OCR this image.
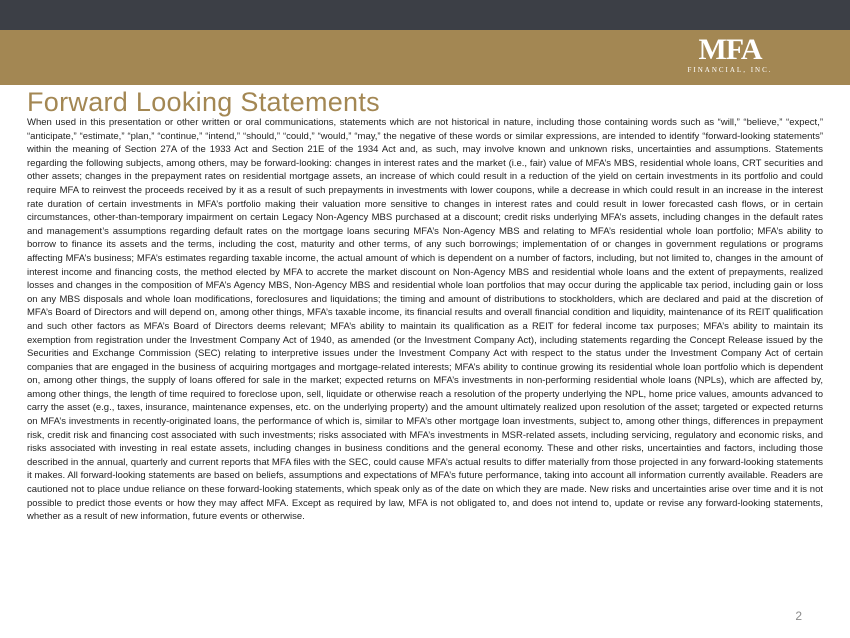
MFA
FINANCIAL, INC.
Forward Looking Statements

When used in this presentation or other written or oral communications, statements which are not historical in nature, including those containing words such as “will,” “believe,” “expect,” “anticipate,” “estimate,” “plan,” “continue,” “intend,” “should,” “could,” “would,” “may,” the negative of these words or similar expressions, are intended to identify “forward-looking statements” within the meaning of Section 27A of the 1933 Act and Section 21E of the 1934 Act and, as such, may involve known and unknown risks, uncertainties and assumptions. Statements regarding the following subjects, among others, may be forward-looking: changes in interest rates and the market (i.e., fair) value of MFA’s MBS, residential whole loans, CRT securities and other assets; changes in the prepayment rates on residential mortgage assets, an increase of which could result in a reduction of the yield on certain investments in its portfolio and could require MFA to reinvest the proceeds received by it as a result of such prepayments in investments with lower coupons, while a decrease in which could result in an increase in the interest rate duration of certain investments in MFA’s portfolio making their valuation more sensitive to changes in interest rates and could result in lower forecasted cash flows, or in certain circumstances, other-than-temporary impairment on certain Legacy Non-Agency MBS purchased at a discount; credit risks underlying MFA’s assets, including changes in the default rates and management’s assumptions regarding default rates on the mortgage loans securing MFA’s Non-Agency MBS and relating to MFA’s residential whole loan portfolio; MFA’s ability to borrow to finance its assets and the terms, including the cost, maturity and other terms, of any such borrowings; implementation of or changes in government regulations or programs affecting MFA’s business; MFA’s estimates regarding taxable income, the actual amount of which is dependent on a number of factors, including, but not limited to, changes in the amount of interest income and financing costs, the method elected by MFA to accrete the market discount on Non-Agency MBS and residential whole loans and the extent of prepayments, realized losses and changes in the composition of MFA’s Agency MBS, Non-Agency MBS and residential whole loan portfolios that may occur during the applicable tax period, including gain or loss on any MBS disposals and whole loan modifications, foreclosures and liquidations; the timing and amount of distributions to stockholders, which are declared and paid at the discretion of MFA’s Board of Directors and will depend on, among other things, MFA’s taxable income, its financial results and overall financial condition and liquidity, maintenance of its REIT qualification and such other factors as MFA’s Board of Directors deems relevant; MFA’s ability to maintain its qualification as a REIT for federal income tax purposes; MFA’s ability to maintain its exemption from registration under the Investment Company Act of 1940, as amended (or the Investment Company Act), including statements regarding the Concept Release issued by the Securities and Exchange Commission (SEC) relating to interpretive issues under the Investment Company Act with respect to the status under the Investment Company Act of certain companies that are engaged in the business of acquiring mortgages and mortgage-related interests; MFA’s ability to continue growing its residential whole loan portfolio which is dependent on, among other things, the supply of loans offered for sale in the market; expected returns on MFA’s investments in non-performing residential whole loans (NPLs), which are affected by, among other things, the length of time required to foreclose upon, sell, liquidate or otherwise reach a resolution of the property underlying the NPL, home price values, amounts advanced to carry the asset (e.g., taxes, insurance, maintenance expenses, etc. on the underlying property) and the amount ultimately realized upon resolution of the asset; targeted or expected returns on MFA’s investments in recently-originated loans, the performance of which is, similar to MFA’s other mortgage loan investments, subject to, among other things, differences in prepayment risk, credit risk and financing cost associated with such investments; risks associated with MFA’s investments in MSR-related assets, including servicing, regulatory and economic risks, and risks associated with investing in real estate assets, including changes in business conditions and the general economy. These and other risks, uncertainties and factors, including those described in the annual, quarterly and current reports that MFA files with the SEC, could cause MFA’s actual results to differ materially from those projected in any forward-looking statements it makes. All forward-looking statements are based on beliefs, assumptions and expectations of MFA’s future performance, taking into account all information currently available. Readers are cautioned not to place undue reliance on these forward-looking statements, which speak only as of the date on which they are made. New risks and uncertainties arise over time and it is not possible to predict those events or how they may affect MFA. Except as required by law, MFA is not obligated to, and does not intend to, update or revise any forward-looking statements, whether as a result of new information, future events or otherwise.

2
